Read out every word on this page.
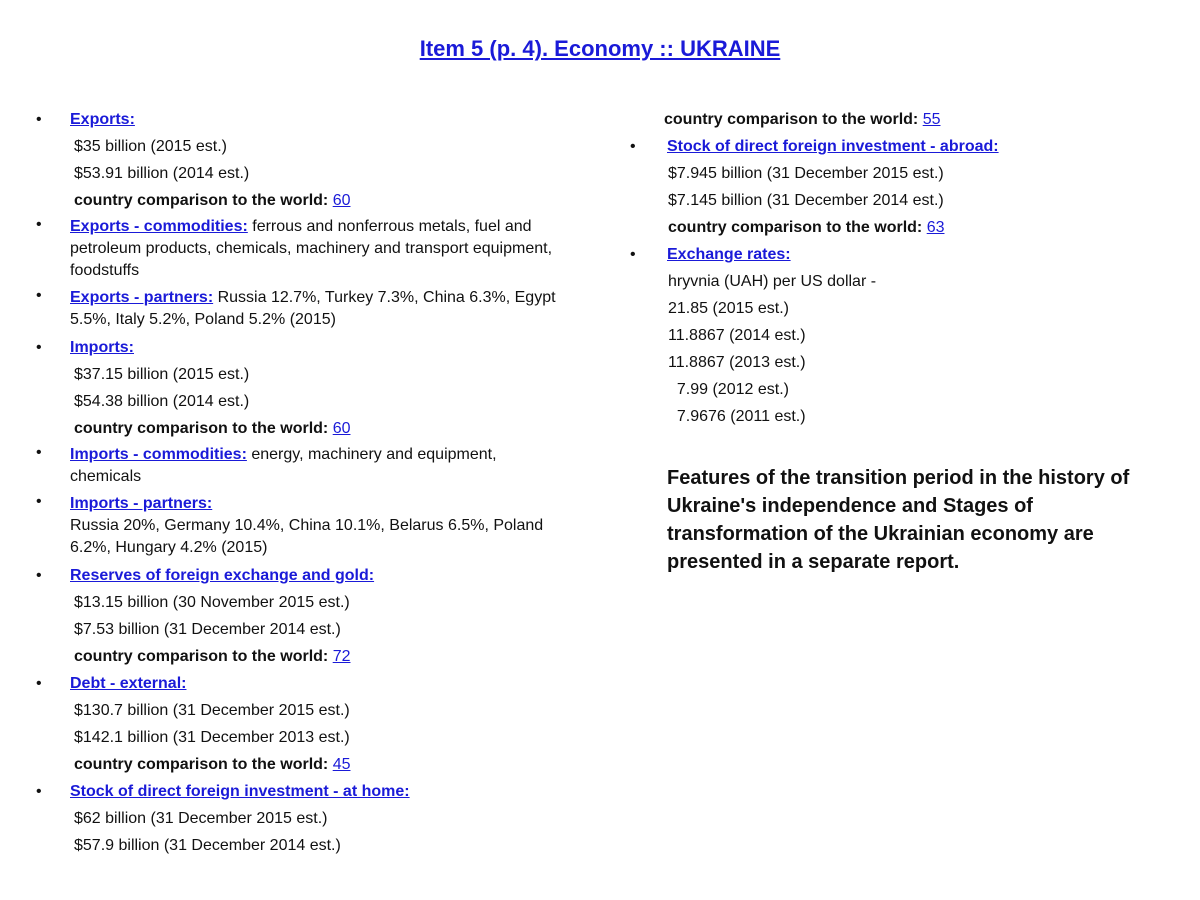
Item 5 (p. 4). Economy :: UKRAINE
• Exports:
$35 billion (2015 est.)
$53.91 billion (2014 est.)
country comparison to the world: 60
• Exports - commodities: ferrous and nonferrous metals, fuel and petroleum products, chemicals, machinery and transport equipment, foodstuffs
• Exports - partners: Russia 12.7%, Turkey 7.3%, China 6.3%, Egypt 5.5%, Italy 5.2%, Poland 5.2% (2015)
• Imports:
$37.15 billion (2015 est.)
$54.38 billion (2014 est.)
country comparison to the world: 60
• Imports - commodities: energy, machinery and equipment, chemicals
• Imports - partners:
Russia 20%, Germany 10.4%, China 10.1%, Belarus 6.5%, Poland 6.2%, Hungary 4.2% (2015)
• Reserves of foreign exchange and gold:
$13.15 billion (30 November 2015 est.)
$7.53 billion (31 December 2014 est.)
country comparison to the world: 72
• Debt - external:
$130.7 billion (31 December 2015 est.)
$142.1 billion (31 December 2013 est.)
country comparison to the world: 45
• Stock of direct foreign investment - at home:
$62 billion (31 December 2015 est.)
$57.9 billion (31 December 2014 est.)
country comparison to the world: 55
• Stock of direct foreign investment - abroad:
$7.945 billion (31 December 2015 est.)
$7.145 billion (31 December 2014 est.)
country comparison to the world: 63
• Exchange rates:
hryvnia (UAH) per US dollar -
21.85 (2015 est.)
11.8867 (2014 est.)
11.8867 (2013 est.)
7.99 (2012 est.)
7.9676 (2011 est.)
Features of the transition period in the history of Ukraine's independence and Stages of transformation of the Ukrainian economy are presented in a separate report.
